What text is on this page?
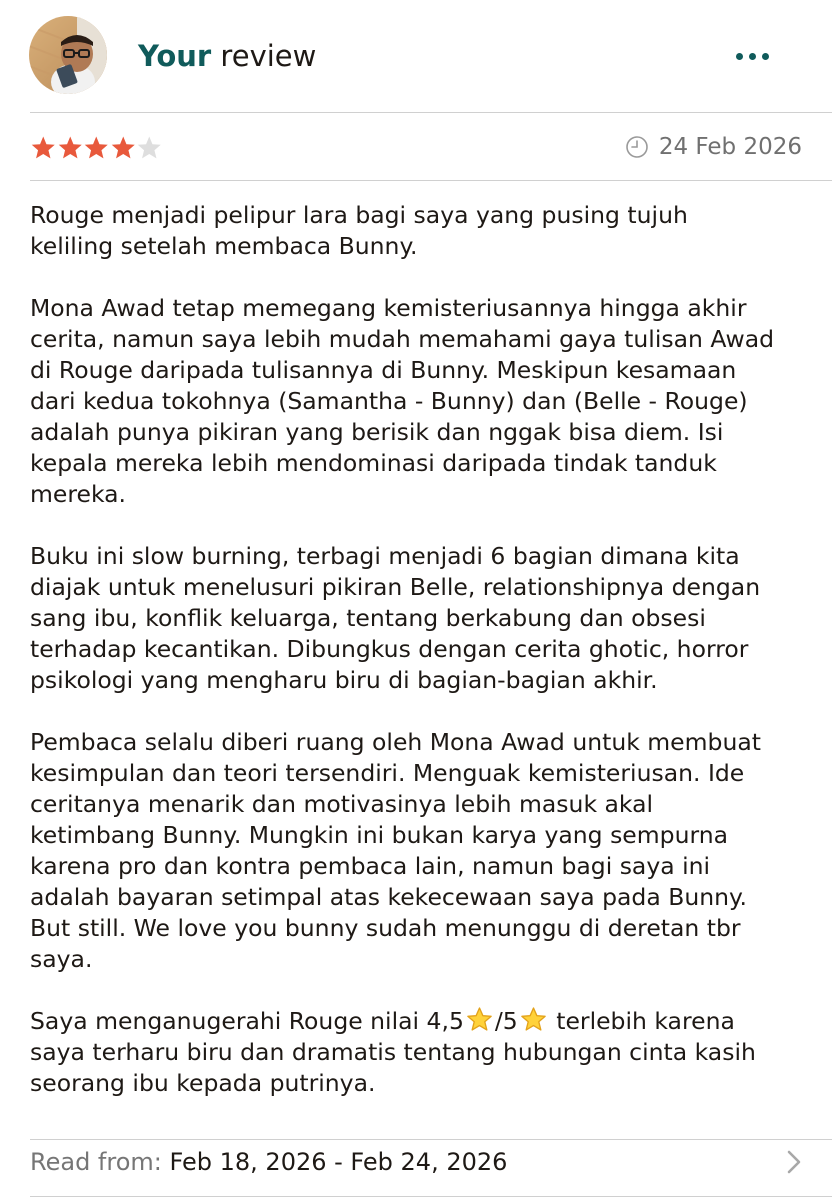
Your review
24 Feb 2026

Rouge menjadi pelipur lara bagi saya yang pusing tujuh
keliling setelah membaca Bunny.

Mona Awad tetap memegang kemisteriusannya hingga akhir
cerita, namun saya lebih mudah memahami gaya tulisan Awad
di Rouge daripada tulisannya di Bunny. Meskipun kesamaan
dari kedua tokohnya (Samantha - Bunny) dan (Belle - Rouge)
adalah punya pikiran yang berisik dan nggak bisa diem. Isi
kepala mereka lebih mendominasi daripada tindak tanduk
mereka.

Buku ini slow burning, terbagi menjadi 6 bagian dimana kita
diajak untuk menelusuri pikiran Belle, relationshipnya dengan
sang ibu, konflik keluarga, tentang berkabung dan obsesi
terhadap kecantikan. Dibungkus dengan cerita ghotic, horror
psikologi yang mengharu biru di bagian-bagian akhir.

Pembaca selalu diberi ruang oleh Mona Awad untuk membuat
kesimpulan dan teori tersendiri. Menguak kemisteriusan. Ide
ceritanya menarik dan motivasinya lebih masuk akal
ketimbang Bunny. Mungkin ini bukan karya yang sempurna
karena pro dan kontra pembaca lain, namun bagi saya ini
adalah bayaran setimpal atas kekecewaan saya pada Bunny.
But still. We love you bunny sudah menunggu di deretan tbr
saya.

Saya menganugerahi Rouge nilai 4,5 /5 terlebih karena
saya terharu biru dan dramatis tentang hubungan cinta kasih
seorang ibu kepada putrinya.

Read from: Feb 18, 2026 - Feb 24, 2026
